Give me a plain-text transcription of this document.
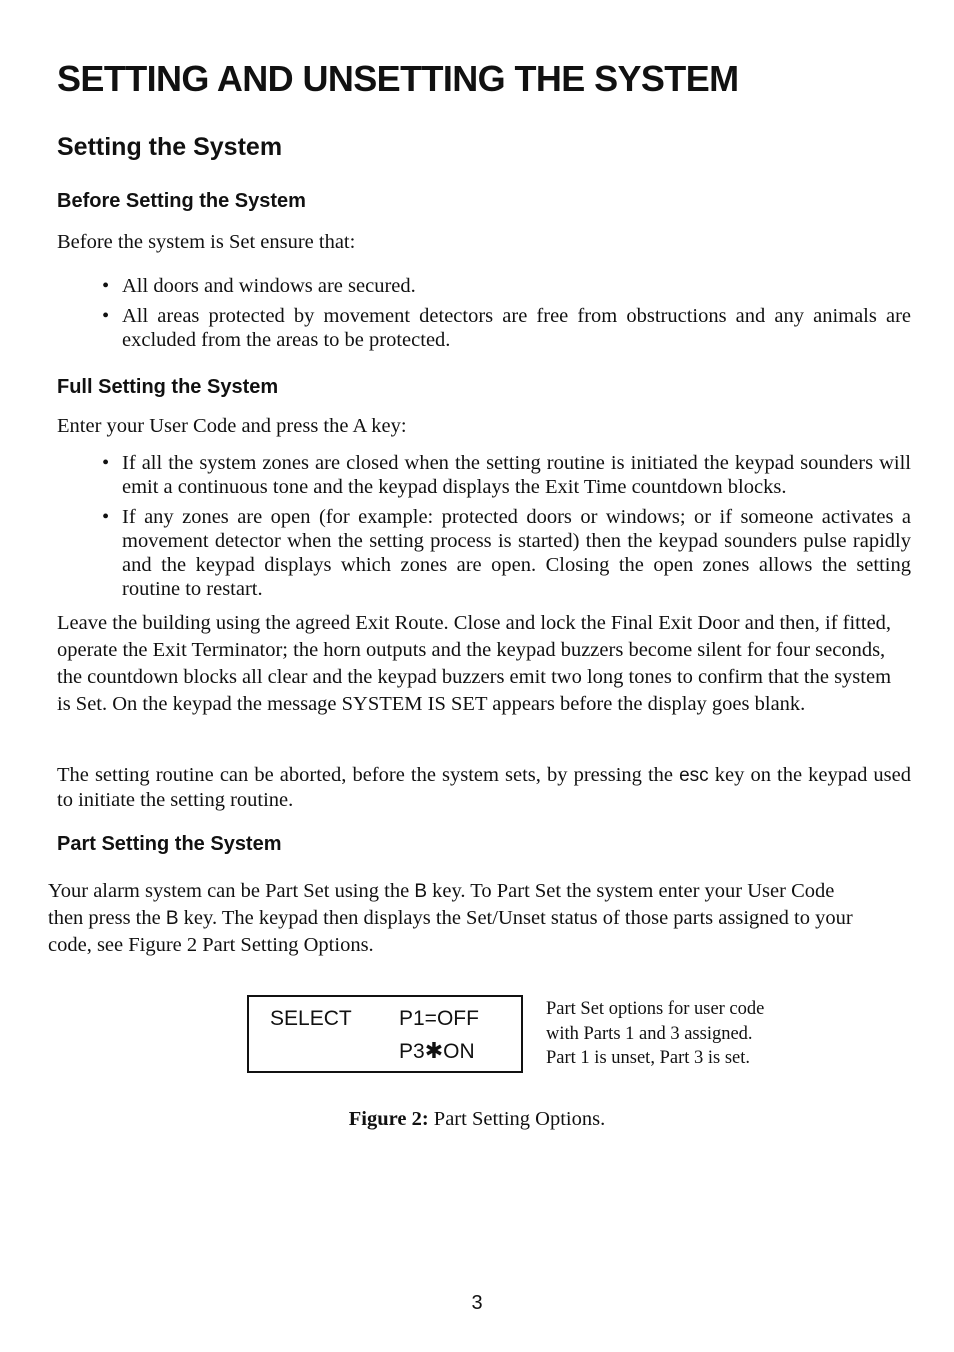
SETTING AND UNSETTING THE SYSTEM
Setting the System
Before Setting the System
Before the system is Set ensure that:
• All doors and windows are secured.
• All areas protected by movement detectors are free from obstructions and any animals are excluded from the areas to be protected.
Full Setting the System
Enter your User Code and press the A key:
• If all the system zones are closed when the setting routine is initiated the keypad sounders will emit a continuous tone and the keypad displays the Exit Time countdown blocks.
• If any zones are open (for example: protected doors or windows; or if someone activates a movement detector when the setting process is started) then the keypad sounders pulse rapidly and the keypad displays which zones are open. Closing the open zones allows the setting routine to restart.
Leave the building using the agreed Exit Route. Close and lock the Final Exit Door and then, if fitted, operate the Exit Terminator; the horn outputs and the keypad buzzers become silent for four seconds, the countdown blocks all clear and the keypad buzzers emit two long tones to confirm that the system is Set. On the keypad the message SYSTEM IS SET appears before the display goes blank.
The setting routine can be aborted, before the system sets, by pressing the esc key on the keypad used to initiate the setting routine.
Part Setting the System
Your alarm system can be Part Set using the B key. To Part Set the system enter your User Code then press the B key. The keypad then displays the Set/Unset status of those parts assigned to your code, see Figure 2 Part Setting Options.
SELECT P1=OFF
P3✱ON
Part Set options for user code
with Parts 1 and 3 assigned.
Part 1 is unset, Part 3 is set.
Figure 2: Part Setting Options.
3
